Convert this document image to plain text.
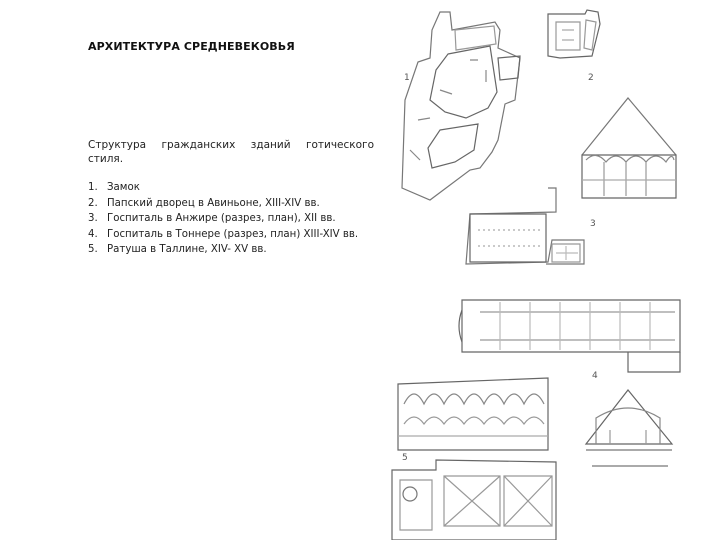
АРХИТЕКТУРА СРЕДНЕВЕКОВЬЯ
Структура гражданских зданий готического стиля.
1. Замок
2. Папский дворец в Авиньоне, XIII-XIV вв.
3. Госпиталь в Анжире (разрез, план), XII вв.
4. Госпиталь в Тоннере (разрез, план) XIII-XIV вв.
5. Ратуша в Таллине, XIV- XV вв.
1	2
3
4
5
